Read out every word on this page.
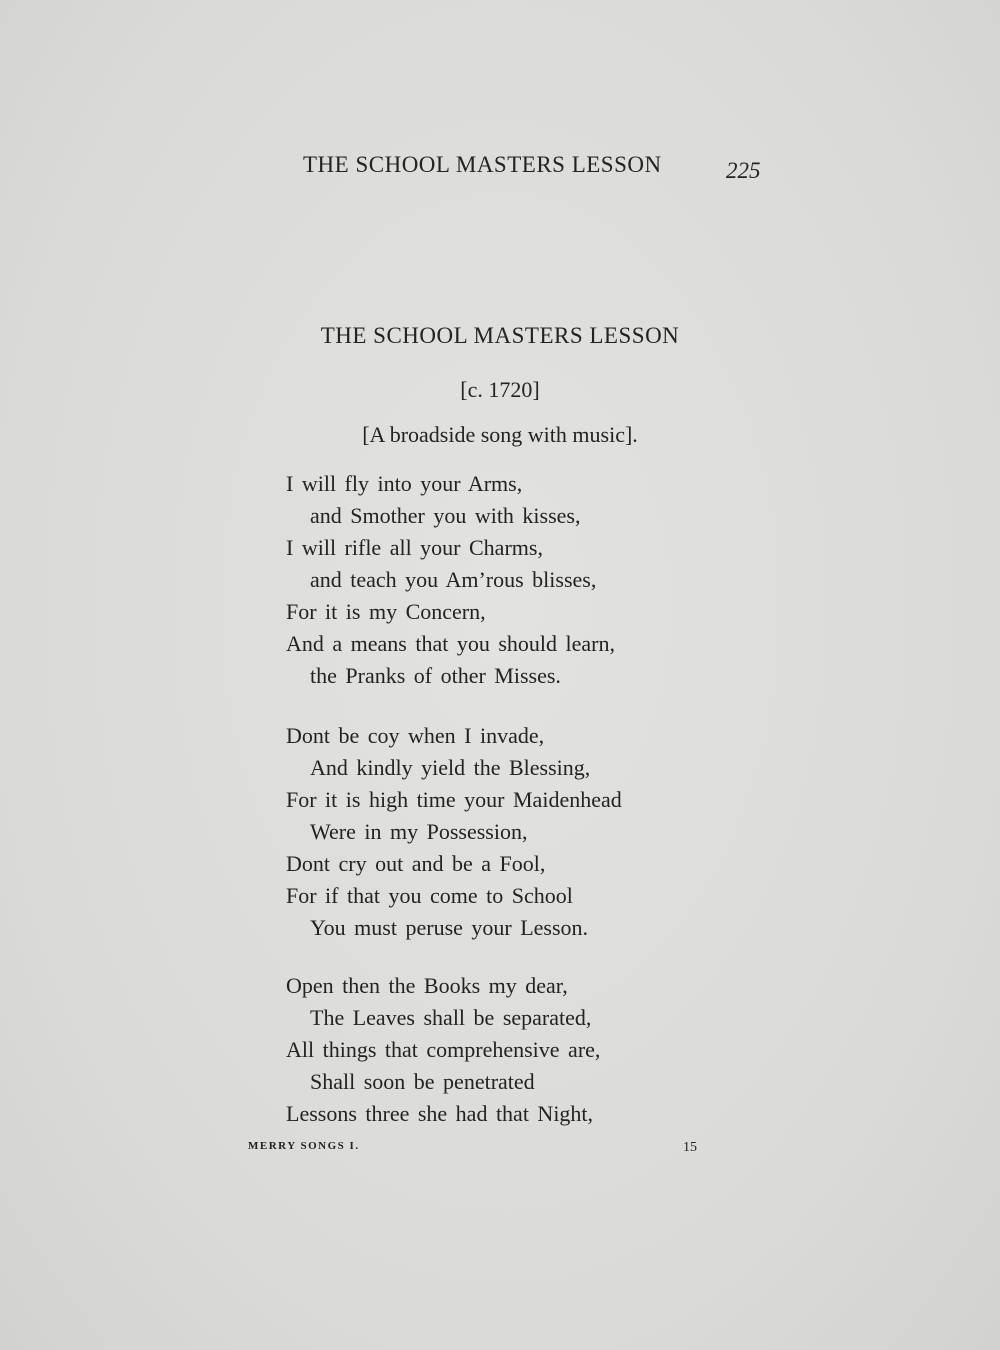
THE SCHOOL MASTERS LESSON	225
THE SCHOOL MASTERS LESSON
[c. 1720]
[A broadside song with music].
I will fly into your Arms,
and Smother you with kisses,
I will rifle all your Charms,
and teach you Am’rous blisses,
For it is my Concern,
And a means that you should learn,
the Pranks of other Misses.
Dont be coy when I invade,
And kindly yield the Blessing,
For it is high time your Maidenhead
Were in my Possession,
Dont cry out and be a Fool,
For if that you come to School
You must peruse your Lesson.
Open then the Books my dear,
The Leaves shall be separated,
All things that comprehensive are,
Shall soon be penetrated
Lessons three she had that Night,
MERRY SONGS I.	15
